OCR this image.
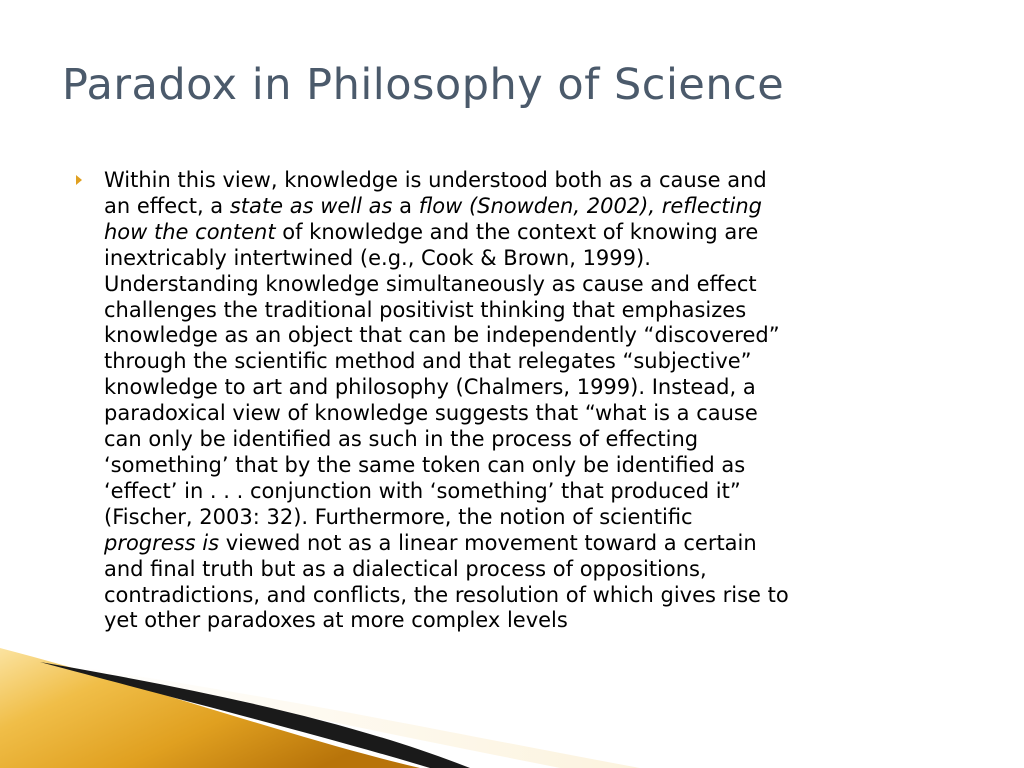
Paradox in Philosophy of Science

Within this view, knowledge is understood both as a cause and
an effect, a state as well as a flow (Snowden, 2002), reflecting
how the content of knowledge and the context of knowing are
inextricably intertwined (e.g., Cook & Brown, 1999).
Understanding knowledge simultaneously as cause and effect
challenges the traditional positivist thinking that emphasizes
knowledge as an object that can be independently “discovered”
through the scientific method and that relegates “subjective”
knowledge to art and philosophy (Chalmers, 1999). Instead, a
paradoxical view of knowledge suggests that “what is a cause
can only be identified as such in the process of effecting
‘something’ that by the same token can only be identified as
‘effect’ in . . . conjunction with ‘something’ that produced it”
(Fischer, 2003: 32). Furthermore, the notion of scientific
progress is viewed not as a linear movement toward a certain
and final truth but as a dialectical process of oppositions,
contradictions, and conflicts, the resolution of which gives rise to
yet other paradoxes at more complex levels
